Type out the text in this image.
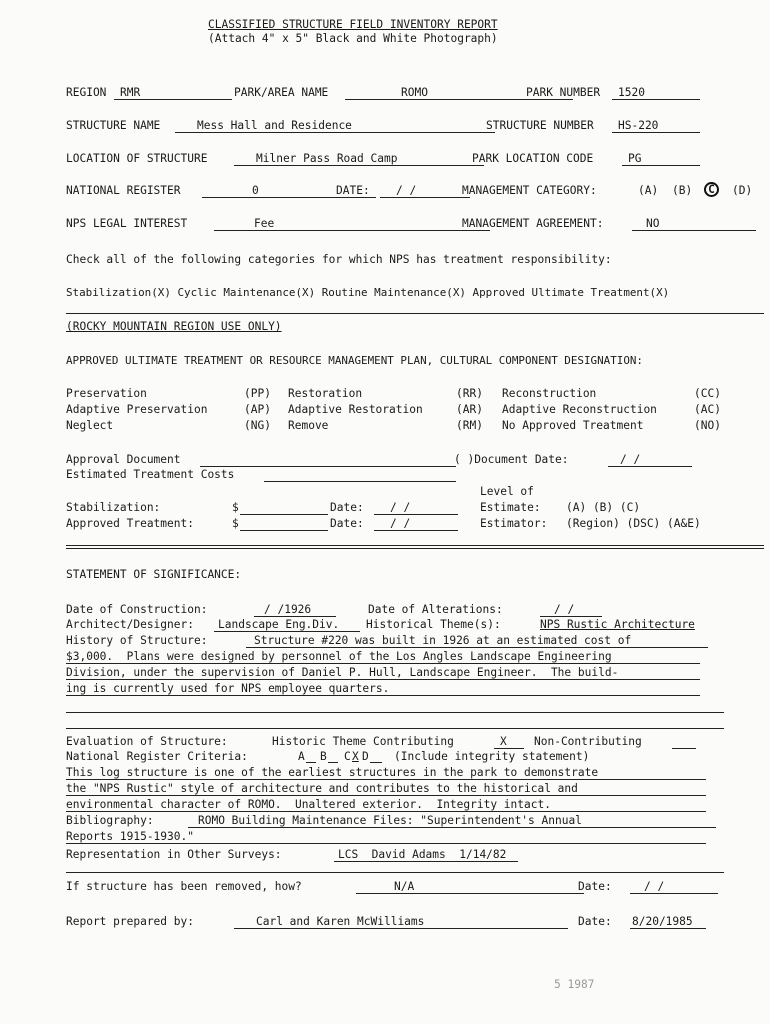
CLASSIFIED STRUCTURE FIELD INVENTORY REPORT
(Attach 4" x 5" Black and White Photograph)
REGION	RMR	PARK/AREA NAME	ROMO	PARK NUMBER	1520
STRUCTURE NAME	Mess Hall and Residence	STRUCTURE NUMBER	HS-220
LOCATION OF STRUCTURE	Milner Pass Road Camp	PARK LOCATION CODE	PG
NATIONAL REGISTER	0	DATE:	/ /	MANAGEMENT CATEGORY:	(A) (B)	C	(D)
NPS LEGAL INTEREST	Fee	MANAGEMENT AGREEMENT:	NO
Check all of the following categories for which NPS has treatment responsibility:
Stabilization(X) Cyclic Maintenance(X) Routine Maintenance(X) Approved Ultimate Treatment(X)
(ROCKY MOUNTAIN REGION USE ONLY)
APPROVED ULTIMATE TREATMENT OR RESOURCE MANAGEMENT PLAN, CULTURAL COMPONENT DESIGNATION:
Preservation	(PP) Restoration	(RR) Reconstruction	(CC)
Adaptive Preservation	(AP) Adaptive Restoration	(AR) Adaptive Reconstruction	(AC)
Neglect	(NG) Remove	(RM) No Approved Treatment	(NO)
Approval Document	( )Document Date:	/ /
Estimated Treatment Costs
Level of
Stabilization:	$	Date:	/ /	Estimate: (A) (B) (C)
Approved Treatment:	$	Date:	/ /	Estimator: (Region) (DSC) (A&E)
STATEMENT OF SIGNIFICANCE:
Date of Construction:	/ /1926	Date of Alterations:	/ /
Architect/Designer:	Landscape Eng.Div.	Historical Theme(s):	NPS Rustic Architecture
History of Structure:	Structure #220 was built in 1926 at an estimated cost of
$3,000.  Plans were designed by personnel of the Los Angles Landscape Engineering
Division, under the supervision of Daniel P. Hull, Landscape Engineer.  The build-
ing is currently used for NPS employee quarters.
Evaluation of Structure:	Historic Theme Contributing	X	Non-Contributing
National Register Criteria:	A B C X D (Include integrity statement)
This log structure is one of the earliest structures in the park to demonstrate
the "NPS Rustic" style of architecture and contributes to the historical and
environmental character of ROMO.  Unaltered exterior.  Integrity intact.
Bibliography:	ROMO Building Maintenance Files: "Superintendent's Annual
Reports 1915-1930."
Representation in Other Surveys:	LCS  David Adams  1/14/82
If structure has been removed, how?	N/A	Date:	/ /
Report prepared by:	Carl and Karen McWilliams	Date: 8/20/1985
5 1987
